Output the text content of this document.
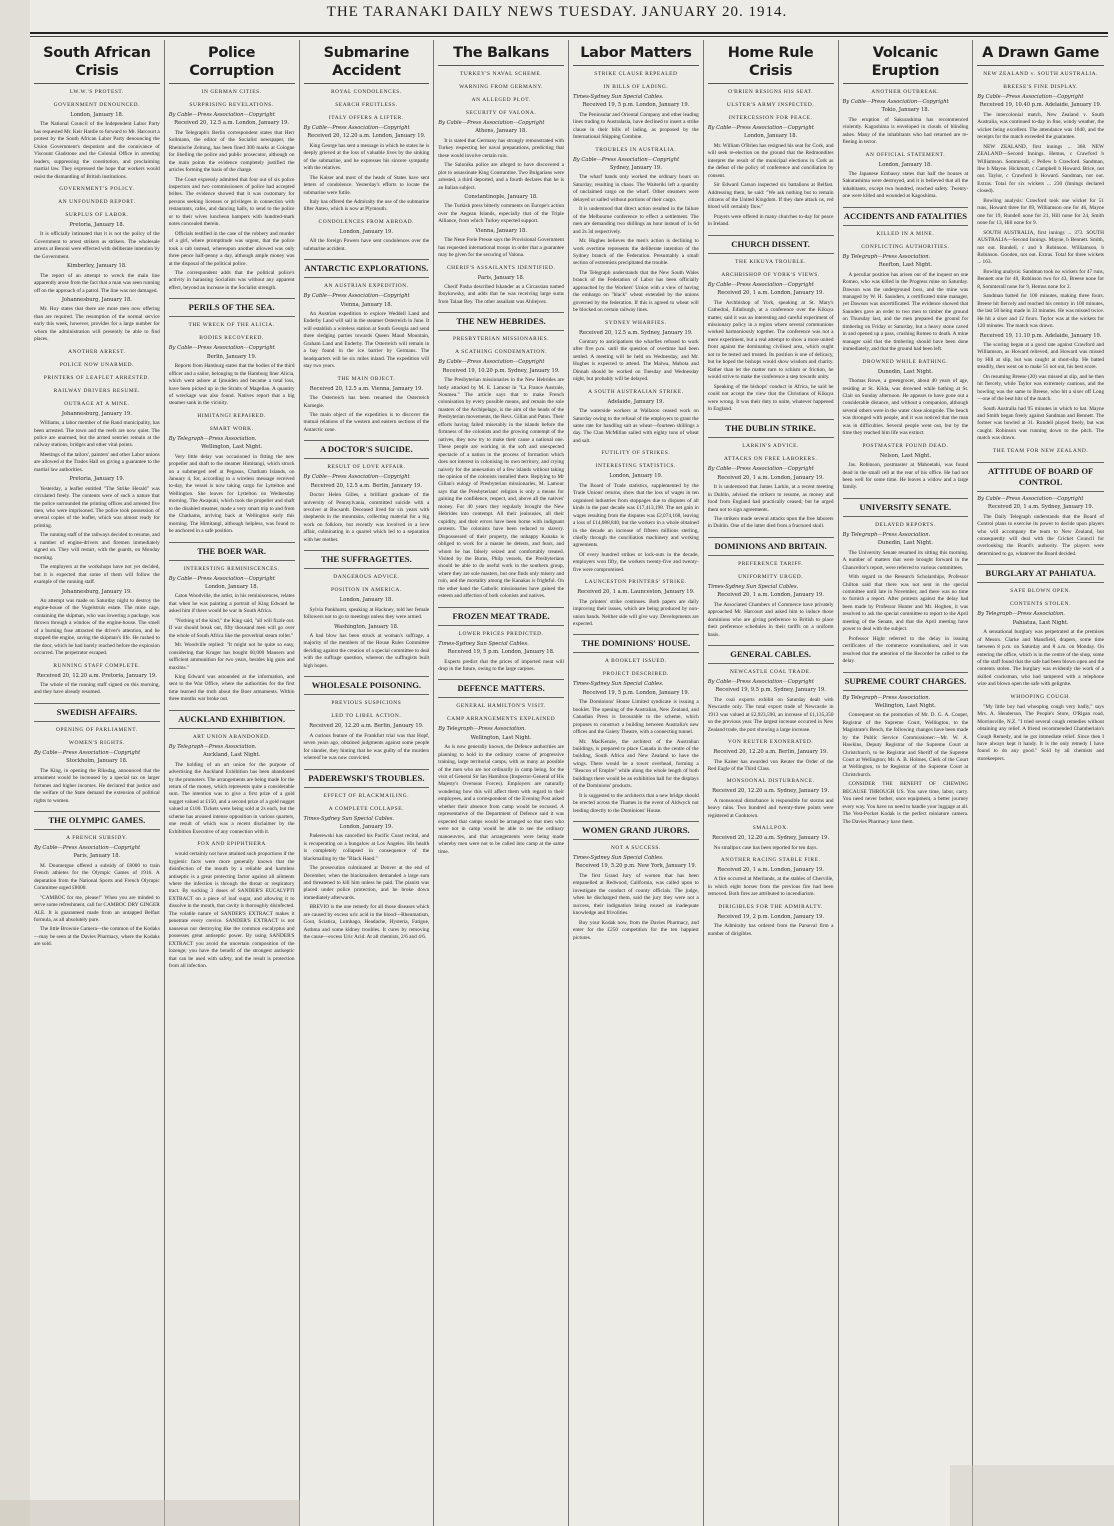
THE TARANAKI DAILY NEWS TUESDAY. JANUARY 20. 1914.
South African Crisis
LW.W.'S PROTEST.
GOVERNMENT DENOUNCED.
London, January 18.
The National Council of the Independent Labor Party has requested Mr. Keir Hardie to forward to Mr. Harcourt a protest by the South African Labor Party denouncing the Union Government's despotism and the connivance of Viscount Gladstone and the Colonial Office in arresting leaders, suppressing the constitution, and proclaiming martial law. They expressed the hope that workers would resist the dismantling of British institutions.
GOVERNMENT'S POLICY.
AN UNFOUNDED REPORT.
SURPLUS OF LABOR.
Pretoria, January 18.
It is officially intimated that it is not the policy of the Government to arrest strikers as strikers. The wholesale arrests at Benoni were effected with deliberate intention by the Government.
Kimberley, January 18.
The report of an attempt to wreck the main line apparently arose from the fact that a man was seen running off on the approach of a patrol. The line was not damaged.
Johannesburg, January 18.
Mr. Hoy states that there are more men now offering than are required. The resumption of the normal service early this week, however, provides for a large number for whom the administration will presently be able to find places.
ANOTHER ARREST.
POLICE NOW UNARMED.
PRINTERS OF LEAFLET ARRESTED.
RAILWAY DRIVERS RESUME.
OUTRAGE AT A MINE.
Johannesburg, January 19.
Williams, a labor member of the Rand municipality, has been arrested. The town and the reefs are now quiet. The police are unarmed, but the armed sentries remain at the railway stations, bridges and other vital points.
Meetings of the tailors', painters' and other Labor unions are allowed at the Trades Hall on giving a guarantee to the martial law authorities.
Pretoria, January 19.
Yesterday, a leaflet entitled "The Strike Herald" was circulated freely. The contents were of such a nature that the police surrounded the printing offices and arrested five men, who were imprisoned. The police took possession of several copies of the leaflet, which was almost ready for printing.
The running staff of the railways decided to resume, and a number of engine-drivers and firemen immediately signed on. They will restart, with the guards, on Monday morning.
The employers at the workshops have not yet decided, but it is expected that some of them will follow the example of the running staff.
Johannesburg, January 19.
An attempt was made on Saturday night to destroy the engine-house of the Vogelstruis estate. The mine cage, containing the skipman, who was lowering a package, was thrown through a window of the engine-house. The smell of a burning fuse attracted the driver's attention, and he stopped the engine, saving the skipman's life. He rushed to the door, which he had barely reached before the explosion occurred. The perpetrator escaped.
RUNNING STAFF COMPLETE.
Received 20, 12.20 a.m. Pretoria, January 19.
The whole of the running staff signed on this morning, and they have already resumed.
SWEDISH AFFAIRS.
OPENING OF PARLIAMENT.
WOMEN'S RIGHTS.
By Cable—Press Association—Copyright
Stockholm, January 18.
The King, in opening the Riksdag, announced that the armament would be increased by a special tax on larger fortunes and higher incomes. He declared that justice and the welfare of the State demand the extension of political rights to women.
THE OLYMPIC GAMES.
A FRENCH SUBSIDY.
By Cable—Press Association—Copyright
Paris, January 18.
M. Doumergue offered a subsidy of £8000 to train French athletes for the Olympic Games of 1916. A deputation from the National Sports and French Olympic Committee urged £8000.
"CAMBOC for me, please!" When you are minded to serve some refreshment, call for CAMBOC DRY GINGER ALE. It is guaranteed made from an untapped Belfast formula, as all absolutely pure.
The little Brownie Camera—the common of the Kodaks—may be seen at the Davies Pharmacy, where the Kodaks are sold.
Police Corruption
IN GERMAN CITIES.
SURPRISING REVELATIONS.
By Cable—Press Association—Copyright
Received 20, 12.5 a.m. London, January 19.
The Telegraph's Berlin correspondent states that Herr Sollmann, the editor of the Socialist newspaper, the Rheinische Zeitung, has been fined 300 marks at Cologne for libelling the police and public prosecutor, although on the main points the evidence completely justified the articles forming the basis of the charge.
The Court expressly admitted that four out of six police inspectors and two commissioners of police had accepted bribes. The evidence showed that it was customary for persons seeking licenses or privileges in connection with restaurants, cafes, and dancing halls, to send to the police or to their wives luncheon hampers with hundred-mark notes concealed therein.
Officials testified in the case of the robbery and murder of a girl, where promptitude was urgent, that the police took a cab instead, whereupon another allowed was only three pence half-penny a day, although ample money was at the disposal of the political police.
The correspondent adds that the political police's activity in harassing Socialists was without any apparent effect, beyond an increase in the Socialist strength.
PERILS OF THE SEA.
THE WRECK OF THE ALICIA.
BODIES RECOVERED.
By Cable—Press Association—Copyright
Berlin, January 19.
Reports from Hamburg states that the bodies of the third officer and a sailor, belonging to the Hamburg liner Alicia, which went ashore at Ijmuiden and became a total loss, have been picked up in the Straits of Magellan. A quantity of wreckage was also found. Natives report that a big steamer sank in the vicinity.
HIMITANGI REPAIRED.
SMART WORK.
By Telegraph—Press Association.
Wellington, Last Night.
Very little delay was occasioned in fitting the new propeller and shaft to the steamer Himitangi, which struck on a submerged reef at Pegasus, Chatham Islands, on January 4, for, according to a wireless message received to-day, the vessel is now taking cargo for Lyttelton and Wellington. She leaves for Lyttelton on Wednesday morning. The Awapuni, which took the propeller and shaft to the disabled steamer, made a very smart trip to and from the Chathams, arriving back at Wellington early this morning. The Himitangi, although helpless, was found to be anchored in a safe position.
THE BOER WAR.
INTERESTING REMINISCENCES.
By Cable—Press Association—Copyright
London, January 18.
Caton Woodville, the artist, in his reminiscences, relates that when he was painting a portrait of King Edward he asked him if there would be war in South Africa.
"Nothing of the kind," the King said, "all will fizzle out. If war should break out, fifty thousand men will go over the whole of South Africa like the proverbial steam roller."
Mr. Woodville replied: "It might not be quite so easy, considering that Kruger has bought 60,000 Mausers and sufficient ammunition for two years, besides big guns and maxims."
King Edward was astounded at the information, and sent to the War Office, where the authorities for the first time learned the truth about the Boer armaments. Within three months war broke out.
AUCKLAND EXHIBITION.
ART UNION ABANDONED.
By Telegraph—Press Association.
Auckland, Last Night.
The holding of an art union for the purpose of advertising the Auckland Exhibition has been abandoned by the promoters. The arrangements are being made for the return of the money, which represents quite a considerable sum. The intention was to give a first prize of a gold nugget valued at £150, and a second prize of a gold nugget valued at £100. Tickets were being sold at 2s each, but the scheme has aroused intense opposition in various quarters, one result of which was a recent disclaimer by the Exhibition Executive of any connection with it.
FOX AND EPIPHTHERA
would certainly not have attained such proportions if the hygienic facts were more generally known that the disinfection of the mouth by a reliable and harmless antiseptic is a great protecting factor against all ailments where the infection is through the throat or respiratory tract. By sucking 3 doses of SANDER'S EUCALYPTI EXTRACT on a piece of loaf sugar, and allowing it to dissolve in the mouth, that cavity is thoroughly disinfected. The volatile nature of SANDER'S EXTRACT makes it penetrate every crevice. SANDER'S EXTRACT is not nauseous nor destroying like the common eucalyptus and possesses great antiseptic power. By using SANDER'S EXTRACT you avoid the uncertain composition of the lozenge; you have the benefit of the strongest antiseptic that can be used with safety, and the result is protection from all infection.
Submarine Accident
ROYAL CONDOLENCES.
SEARCH FRUITLESS.
ITALY OFFERS A LIFTER.
By Cable—Press Association—Copyright
Received 20, 12.20 a.m. London, January 19.
King George has sent a message in which he states he is deeply grieved at the loss of valuable lives by the sinking of the submarine, and he expresses his sincere sympathy with the relatives.
The Kaiser and most of the heads of States have sent letters of condolence. Yesterday's efforts to locate the submarine were futile.
Italy has offered the Admiralty the use of the submarine lifter Anteo, which is now at Plymouth.
CONDOLENCES FROM ABROAD.
London, January 19.
All the foreign Powers have sent condolences over the submarine accident.
ANTARCTIC EXPLORATIONS.
AN AUSTRIAN EXPEDITION.
By Cable—Press Association—Copyright
Vienna, January 18.
An Austrian expedition to explore Weddell Land and Enderby Land will sail in the steamer Osterreich in June. It will establish a wireless station at South Georgia and send three sledging parties towards Queen Maud Mountain, Graham Land and Enderby. The Osterreich will remain in a bay found in the ice barrier by Germans. The headquarters will be six miles inland. The expedition will stay two years.
THE MAIN OBJECT.
Received 20, 12.5 a.m. Vienna, January 19.
The Osterreich has been renamed the Osterreich Karnegie.
The main object of the expedition is to discover the mutual relations of the western and eastern sections of the Antarctic zone.
A DOCTOR'S SUICIDE.
RESULT OF LOVE AFFAIR.
By Cable—Press Association—Copyright
Received 20, 12.5 a.m. Berlin, January 19.
Doctor Helen Gilles, a brilliant graduate of the university of Pennsylvania, committed suicide with a revolver at Bocsardt. Deceased lived for six years with shepherds in the mountains, collecting material for a big work on folklore, but recently was involved in a love affair, culminating in a quarrel which led to a separation with her mother.
THE SUFFRAGETTES.
DANGEROUS ADVICE.
POSITION IN AMERICA.
London, January 18.
Sylvia Pankhurst, speaking at Hackney, told her female followers not to go to meetings unless they were armed.
Washington, January 18.
A bad blow has been struck at woman's suffrage, a majority of the members of the House Rules Committee deciding against the creation of a special committee to deal with the suffrage question, whereon the suffragists built high hopes.
WHOLESALE POISONING.
PREVIOUS SUSPICIONS
LED TO LIBEL ACTION.
Received 20, 12.20 a.m. Berlin, January 19.
A curious feature of the Frankfurt trial was that Hopf, seven years ago, obtained judgments against some people for slander, they hinting that he was guilty of the murders whereof he was now convicted.
PADEREWSKI'S TROUBLES.
EFFECT OF BLACKMAILING.
A COMPLETE COLLAPSE.
Times-Sydney Sun Special Cables.
London, January 19.
Paderewski has cancelled his Pacific Coast recital, and is recuperating on a bungalow at Los Angeles. His health is completely collapsed in consequence of the blackmailing by the "Black Hand."
The prosecution culminated at Denver at the end of December, when the blackmailers demanded a large sum and threatened to kill him unless he paid. The pianist was placed under police protection, and he broke down immediately afterwards.
BREVIO is the one remedy for all those diseases which are caused by excess uric acid in the blood—Rheumatism, Gout, Sciatica, Lumbago, Headache, Hysteria, Fatigue, Asthma and some kidney troubles. It cures by removing the cause—excess Uric Acid. At all chemists, 2/6 and 4/6.
The Balkans
TURKEY'S NAVAL SCHEME.
WARNING FROM GERMANY.
AN ALLEGED PLOT.
SECURITY OF VALONA.
By Cable—Press Association—Copyright
Athens, January 18.
It is stated that Germany has strongly remonstrated with Turkey respecting her naval preparations, predicting that these would involve certain ruin.
The Salonika police are alleged to have discovered a plot to assassinate King Constantine. Two Bulgarians were arrested, a third deported, and a fourth declares that he is an Italian subject.
Constantinople, January 18.
The Turkish press bitterly comments on Europe's action over the Aegean Islands, especially that of the Triple Alliance, from which Turkey expected support.
Vienna, January 18.
The Neue Freie Presse says the Provisional Government has requested international troops in order that a guarantee may be given for the securing of Valona.
CHERIF'S ASSAILANTS IDENTIFIED.
Paris, January 18.
Cherif Pasha described Iskander as a Circassian named Iboykowsky, and adds that he was receiving large sums from Talaat Bey. The other assailant was Ahliejvez.
THE NEW HEBRIDES.
PRESBYTERIAN MISSIONARIES.
A SCATHING CONDEMNATION.
By Cable—Press Association—Copyright
Received 19, 10.20 p.m. Sydney, January 19.
The Presbyterian missionaries in the New Hebrides are hotly attacked by M. E. Lamour in "La France Australe, Noumea." The article says that to make French colonisation by every possible means, and remain the sole masters of the Archipelago, is the aim of the heads of the Presbyterian movements, the Revs. Gillan and Paton. Their efforts having failed miserably in the islands before the firmness of the colonists and the growing contempt of the natives, they now try to make their cause a national one. These people are working in the soft and unexpected spectacle of a nation in the process of formation which does not interest in colonising its own territory, and crying naively for the annexation of a few islands without taking the opinion of the colonists installed there. Replying to Mr Gillan's eulogy of Presbyterian missionaries, M. Lamour says that the Presbyterians' religion is only a means for gaining the confidence, respect, and, above all the natives' money. For 40 years they regularly brought the New Hebrides into contempt. All their jealousies, all their cupidity, and their errors have been borne with indignant protests. The colonists have been reduced to slavery. Dispossessed of their property, the unhappy Kanaka is obliged to work for a master he detests, and fears, and whom he has falsely seized and comfortably treated. Visited by the Burns, Philp vessels, the Presbyterians should be able to do useful work in the southern group, where they are sole masters, but one finds only misery and ruin, and the mortality among the Kanakas is frightful. On the other hand the Catholic missionaries have gained the esteem and affection of both colonists and natives.
FROZEN MEAT TRADE.
LOWER PRICES PREDICTED.
Times-Sydney Sun Special Cables.
Received 19, 5 p.m. London, January 18.
Experts predict that the prices of imported meat will drop in the future, owing to the large carpoes.
DEFENCE MATTERS.
GENERAL HAMILTON'S VISIT.
CAMP ARRANGEMENTS EXPLAINED
By Telegraph—Press Association.
Wellington, Last Night.
As is now generally known, the Defence authorities are planning to hold in the ordinary course of progressive training, large territorial camps, with as many as possible of the men who are not ordinarily in camp being, for the visit of General Sir Ian Hamilton (Inspector-General of His Majesty's Overseas Forces). Employers are naturally wondering how this will affect them with regard to their employees, and a correspondent of the Evening Post asked whether their absence from camp would be excused. A representative of the Department of Defence said it was expected that camps would be arranged so that men who were not in camp would be able to see the ordinary manoeuvres, and that arrangements were being made whereby men were not to be called into camp at the same time.
Labor Matters
STRIKE CLAUSE REPEALED
IN BILLS OF LADING.
Times-Sydney Sun Special Cables.
Received 19, 5 p.m. London, January 19.
The Peninsular and Oriental Company and other leading lines trading to Australasia, have declined to insert a strike clause in their bills of lading, as proposed by the International Shipping Combine.
TROUBLES IN AUSTRALIA.
By Cable—Press Association—Copyright
Sydney, January 19.
The wharf hands only worked the ordinary hours on Saturday, resulting in chaos. The Waiteriki left a quantity of unclaimed cargo on the wharf. Other steamers were delayed or sailed without portions of their cargo.
It is understood that direct action resulted in the failure of the Melbourne conference to effect a settlement. The men are demanding two shillings an hour instead of 1s 6d and 2s 3d respectively.
Mr. Hughes believes the men's action is declining to work overtime represents the deliberate intention of the Sydney branch of the Federation. Presumably a small section of extremists precipitated the trouble.
The Telegraph understands that the New South Wales branch of the Federation of Labor has been officially approached by the Workers' Union with a view of having the embargo on "black" wheat extended by the unions governed by the federation. If this is agreed to wheat will be blocked on certain railway lines.
SYDNEY WHARFIES.
Received 20, 12.5 a.m. Sydney, January 19.
Contrary to anticipations the wharfies refused to work after five p.m. until the question of overtime had been settled. A meeting will be held on Wednesday, and Mr. Hughes is expected to attend. The Malwa, Mabota and Dinnah should be worked on Tuesday and Wednesday night, but probably will be delayed.
A SOUTH AUSTRALIAN STRIKE.
Adelaide, January 19.
The waterside workers at Wallaroo ceased work on Saturday owing to the refusal of the employers to grant the same rate for handling salt as wheat—fourteen shillings a day. The Clan McMillan sailed with eighty tons of wheat and salt.
FUTILITY OF STRIKES.
INTERESTING STATISTICS.
London, January 19.
The Board of Trade statistics, supplemented by the Trade Unions' returns, show that the loss of wages in ten organised industries from stoppages due to disputes of all kinds in the past decade was £17,413,198. The net gain in wages resulting from the disputes was £2,074,168, leaving a loss of £14,088,840, but the workers in a whole obtained in the decade an increase of fifteen millions sterling, chiefly through the conciliation machinery and working agreements.
Of every hundred strikes or lock-outs in the decade, employers won fifty, the workers twenty-five and twenty-five were compromised.
LAUNCESTON PRINTERS' STRIKE.
Received 20, 1 a.m. Launceston, January 19.
The printers' strike continues. Both papers are daily improving their issues, which are being produced by non-union hands. Neither side will give way. Developments are expected.
THE DOMINIONS' HOUSE.
A BOOKLET ISSUED.
PROJECT DESCRIBED.
Times-Sydney Sun Special Cables.
Received 19, 5 p.m. London, January 19.
The Dominions' House Limited syndicate is issuing a booklet. The opening of the Australian, New Zealand, and Canadian Press is favourable to the scheme, which proposes to construct a building between Australia's new offices and the Gaiety Theatre, with a connecting tunnel.
Mr. MacKenzie, the architect of the Australian buildings, is prepared to place Canada in the centre of the building, South Africa and New Zealand to have the wings. There would be a tower overhead, forming a "Beacon of Empire" while along the whole length of both buildings there would be an exhibition hall for the displays of the Dominions' products.
It is suggested to the architects that a new bridge should be erected across the Thames in the event of Aldwych not lending directly to the Dominions' House.
WOMEN GRAND JURORS.
NOT A SUCCESS.
Times-Sydney Sun Special Cables.
Received 19, 5.20 p.m. New York, January 19.
The first Grand Jury of women that has been empanelled at Redwood, California, was called upon to investigate the conduct of county officials. The judge, when he discharged them, said the jury they were not a success, their indignation being roused an inadequate knowledge and frivolities.
Buy your Kodak now, from the Davies Pharmacy, and enter for the £250 competition for the ten happiest pictures.
Home Rule Crisis
O'BRIEN RESIGNS HIS SEAT.
ULSTER'S ARMY INSPECTED.
INTERCESSION FOR PEACE.
By Cable—Press Association—Copyright
London, January 18.
Mr. William O'Brien has resigned his seat for Cork, and will seek re-election on the ground that the Redmondites interpret the result of the municipal elections in Cork as the defeat of the policy of conference and conciliation by consent.
Sir Edward Carson inspected six battalions at Belfast. Addressing them, he said: "We ask nothing but to remain citizens of the United Kingdom. If they dare attack us, red blood will certainly flow."
Prayers were offered in many churches to-day for peace in Ireland.
CHURCH DISSENT.
THE KIKUYA TROUBLE.
ARCHBISHOP OF YORK'S VIEWS.
By Cable—Press Association—Copyright
Received 20, 1 a.m. London, January 19.
The Archbishop of York, speaking at St. Mary's Cathedral, Edinburgh, at a conference over the Kikuya matter, said it was an interesting and careful experiment of missionary policy in a region where several communions worked harmoniously together. The conference was not a mere experiment, but a real attempt to show a more united front against the dominating civilised area, which ought not to be tested and trusted. Its position is one of delicacy, but he hoped the bishops would show wisdom and charity. Rather than let the matter turn to schism or friction, he would strive to make the conference a step towards unity.
Speaking of the bishops' conduct in Africa, he said he could not accept the view that the Christians of Kikuya were wrong. It was their duty to unite, whatever happened in England.
THE DUBLIN STRIKE.
LARKIN'S ADVICE.
ATTACKS ON FREE LABORERS.
By Cable—Press Association—Copyright
Received 20, 1 a.m. London, January 19.
It is understood that James Larkin, at a recent meeting in Dublin, advised the strikers to resume, as money and food from England had practically ceased; but he urged them not to sign agreements.
The strikers made several attacks upon the free laborers in Dublin. One of the latter died from a fractured skull.
DOMINIONS AND BRITAIN.
PREFERENCE TARIFF.
UNIFORMITY URGED.
Times-Sydney Sun Special Cables.
Received 20, 1 a.m. London, January 19.
The Associated Chambers of Commerce have privately approached Mr. Harcourt and asked him to induce those dominions who are giving preference to British to place their preference schedules in their tariffs on a uniform basis.
GENERAL CABLES.
NEWCASTLE COAL TRADE.
By Cable—Press Association—Copyright
Received 19, 9.5 p.m. Sydney, January 19.
The coal exports exhibit on Saturday dealt with Newcastle only. The total export trade of Newcastle in 1913 was valued at £2,923,590, an increase of £1,135,350 on the previous year. The largest increase occurred in New Zealand trade, the port showing a large increase.
VON REUTER EXONERATED.
Received 20, 12.20 a.m. Berlin, January 19.
The Kaiser has awarded von Reuter the Order of the Red Eagle of the Third Class.
MONSOONAL DISTURBANCE.
Received 20, 12.20 a.m. Sydney, January 19.
A monsoonal disturbance is responsible for storms and heavy rains. Two hundred and twenty-three points were registered at Cooktown.
SMALLPOX.
Received 20, 12.20 a.m. Sydney, January 19.
No smallpox case has been reported for ten days.
ANOTHER RACING STABLE FIRE.
Received 20, 1 a.m. London, January 19.
A fire occurred at Merilands, at the stables of Cherville, in which eight horses from the previous fire had been removed. Both fires are attributed to incendiarism.
DIRIGIBLES FOR THE ADMIRALTY.
Received 19, 2 p.m. London, January 19.
The Admiralty has ordered from the Parseval firm a number of dirigibles.
Volcanic Eruption
ANOTHER OUTBREAK.
By Cable—Press Association—Copyright
Tokio, January 18.
The eruption of Sakurashima has recommenced violently. Kagoshima is enveloped in clouds of blinding ashes. Many of the inhabitants who had returned are re-fleeing in terror.
AN OFFICIAL STATEMENT.
London, January 18.
The Japanese Embassy states that half the houses at Sakurashima were destroyed, and it is believed that all the inhabitants, except two hundred, reached safety. Twenty-one were killed and wounded at Kagoshima.
ACCIDENTS AND FATALITIES
KILLED IN A MINE.
CONFLICTING AUTHORITIES.
By Telegraph—Press Association.
Reefton, Last Night.
A peculiar position has arisen out of the inquest on one Romeo, who was killed in the Progress mine on Saturday. Dawson was the underground boss, and the mine was managed by W. H. Saunders, a certificated mine manager, yet Dawson was uncertificated. The evidence showed that Saunders gave an order to two men to timber the ground on Thursday last, and the men prepared the ground for timbering on Friday or Saturday, but a heavy stone caved in and opened up a pass, crushing Romeo to death. A mine manager said that the timbering should have been done immediately, and that the ground had been left.
DROWNED WHILE BATHING.
Dunedin, Last Night.
Thomas Rowe, a greengrocer, about 40 years of age, residing at St. Kilda, was drowned while bathing at St. Clair on Sunday afternoon. He appears to have gone out a considerable distance, and without a companion, although several others were in the water close alongside. The beach was thronged with people, and it was noticed that the man was in difficulties. Several people went out, but by the time they reached him life was extinct.
POSTMASTER FOUND DEAD.
Nelson, Last Night.
Jas. Robinson, postmaster at Mahoetahi, was found dead in the small cell at the rear of his office. He had not been well for some time. He leaves a widow and a large family.
UNIVERSITY SENATE.
DELAYED REPORTS.
By Telegraph—Press Association.
Dunedin, Last Night.
The University Senate resumed its sitting this morning. A number of matters that were brought forward in the Chancellor's report, were referred to various committees.
With regard to the Research Scholarships, Professor Chilton said that there was not sent in the special committee until late in November, and there was no time to furnish a report. After protests against the delay had been made by Professor Hunter and Mr. Hogben, it was resolved to ask the special committee to report to the April meeting of the Senate, and that the April meeting have power to deal with the subject.
Professor Hight referred to the delay in issuing certificates of the commerce examinations, and it was resolved that the attention of the Recorder be called to the delay.
SUPREME COURT CHARGES.
By Telegraph—Press Association.
Wellington, Last Night.
Consequent on the promotion of Mr. D. G. A. Cooper, Registrar of the Supreme Court, Wellington, to the Magistrate's Bench, the following changes have been made by the Public Service Commissioner:—Mr. W. A. Hawkins, Deputy Registrar of the Supreme Court at Christchurch, to be Registrar and Sheriff of the Supreme Court at Wellington; Mr. A. B. Holmes, Clerk of the Court at Wellington, to be Registrar of the Supreme Court at Christchurch.
CONSIDER THE BENEFIT OF CHEWING BECAUSE THROUGH US. You save time, labor, carry. You need never bother, once equipment, a better journey every way. You have no need to handle your luggage at all. The Vest-Pocket Kodak is the perfect miniature camera. The Davies Pharmacy have them.
A Drawn Game
NEW ZEALAND v. SOUTH AUSTRALIA.
BREESE'S FINE DISPLAY.
By Cable—Press Association—Copyright
Received 19, 10.40 p.m. Adelaide, January 19.
The intercolonial match, New Zealand v. South Australia, was continued to-day in fine, windy weather, the wicket being excellent. The attendance was 1040, and the receipts for the match exceeded the guarantee.
NEW ZEALAND, first innings ... 368. NEW ZEALAND—Second Innings. Hemus, c Crawford b Williamson. Sommerall, c Pellew b Crawford. Sandman, lbw b Mayne. Hickmott, c Campbell b Howard. Brice, not out. Taylor, c Crawford b Howard. Sandman, not out. Extras. Total for six wickets ... 230 (Innings declared closed).
Bowling analysis: Crawford took one wicket for 51 runs, Howard three for 69, Williamson one for 46, Mayne one for 19, Rundell none for 21, Hill none for 24, Smith none for 13, Hill none for 9.
SOUTH AUSTRALIA, first innings ... 373. SOUTH AUSTRALIA—Second Innings. Mayne, b Bennett. Smith, not out. Rundell, c and b Robinson. Williamson, b Robinson. Gooden, not out. Extras. Total for three wickets ... 163.
Bowling analysis: Sandman took no wickets for 47 runs, Bennett one for 40, Robinson two for 43, Breese none for 8, Sommerall none for 9, Hemus none for 2.
Sandman batted for 100 minutes, making three fours. Breese hit fiercely and reached his century in 100 minutes, the last 50 being made in 33 minutes. He was missed twice. He hit a sixer and 12 fours. Taylor was at the wickets for 120 minutes. The match was drawn.
Received 19, 11.10 p.m. Adelaide, January 19.
The scoring began at a good rate against Crawford and Williamson, as Howard relieved, and Howard was missed by Hill at slip, but was caught at short-slip. He batted steadily, then went on to make 51 not out, his best score.
On resuming Breese (20) was missed at slip, and he then hit fiercely, while Taylor was extremely cautious, and the bowling was the same to Breese, who hit a sixer off Long—one of the best hits of the match.
South Australia had 95 minutes in which to bat. Mayne and Smith began freely against Sandman and Bennett. The former was bowled at 31. Rundell played freely, but was caught. Robinson was running down to the pitch. The match was drawn.
THE TEAM FOR NEW ZEALAND.
ATTITUDE OF BOARD OF CONTROL
By Cable—Press Association—Copyright
Received 20, 1 a.m. Sydney, January 19.
The Daily Telegraph understands that the Board of Control plans to exercise its power to decide upon players who will accompany the team to New Zealand, but consequently will deal with the Cricket Council for overlooking the Board's authority. The players were determined to go, whatever the Board decided.
BURGLARY AT PAHIATUA.
SAFE BLOWN OPEN.
CONTENTS STOLEN.
By Telegraph—Press Association.
Pahiatua, Last Night.
A sensational burglary was perpetrated at the premises of Messrs. Clarke and Mansfield, drapers, some time between 8 p.m. on Saturday and 8 a.m. on Monday. On entering the office, which is in the centre of the shop, some of the staff found that the safe had been blown open and the contents stolen. The burglary was evidently the work of a skilled cracksman, who had tampered with a telephone wire and blown open the safe with gelignite.
WHOOPING COUGH.
"My little boy had whooping cough very badly," says Mrs. A. Henderson, The People's Store, O'Rigan road, Morrinsville, N.Z. "I tried several cough remedies without obtaining any relief. A friend recommended Chamberlain's Cough Remedy, and he got immediate relief. Since then I have always kept it handy. It is the only remedy I have found to do any good." Sold by all chemists and storekeepers.
